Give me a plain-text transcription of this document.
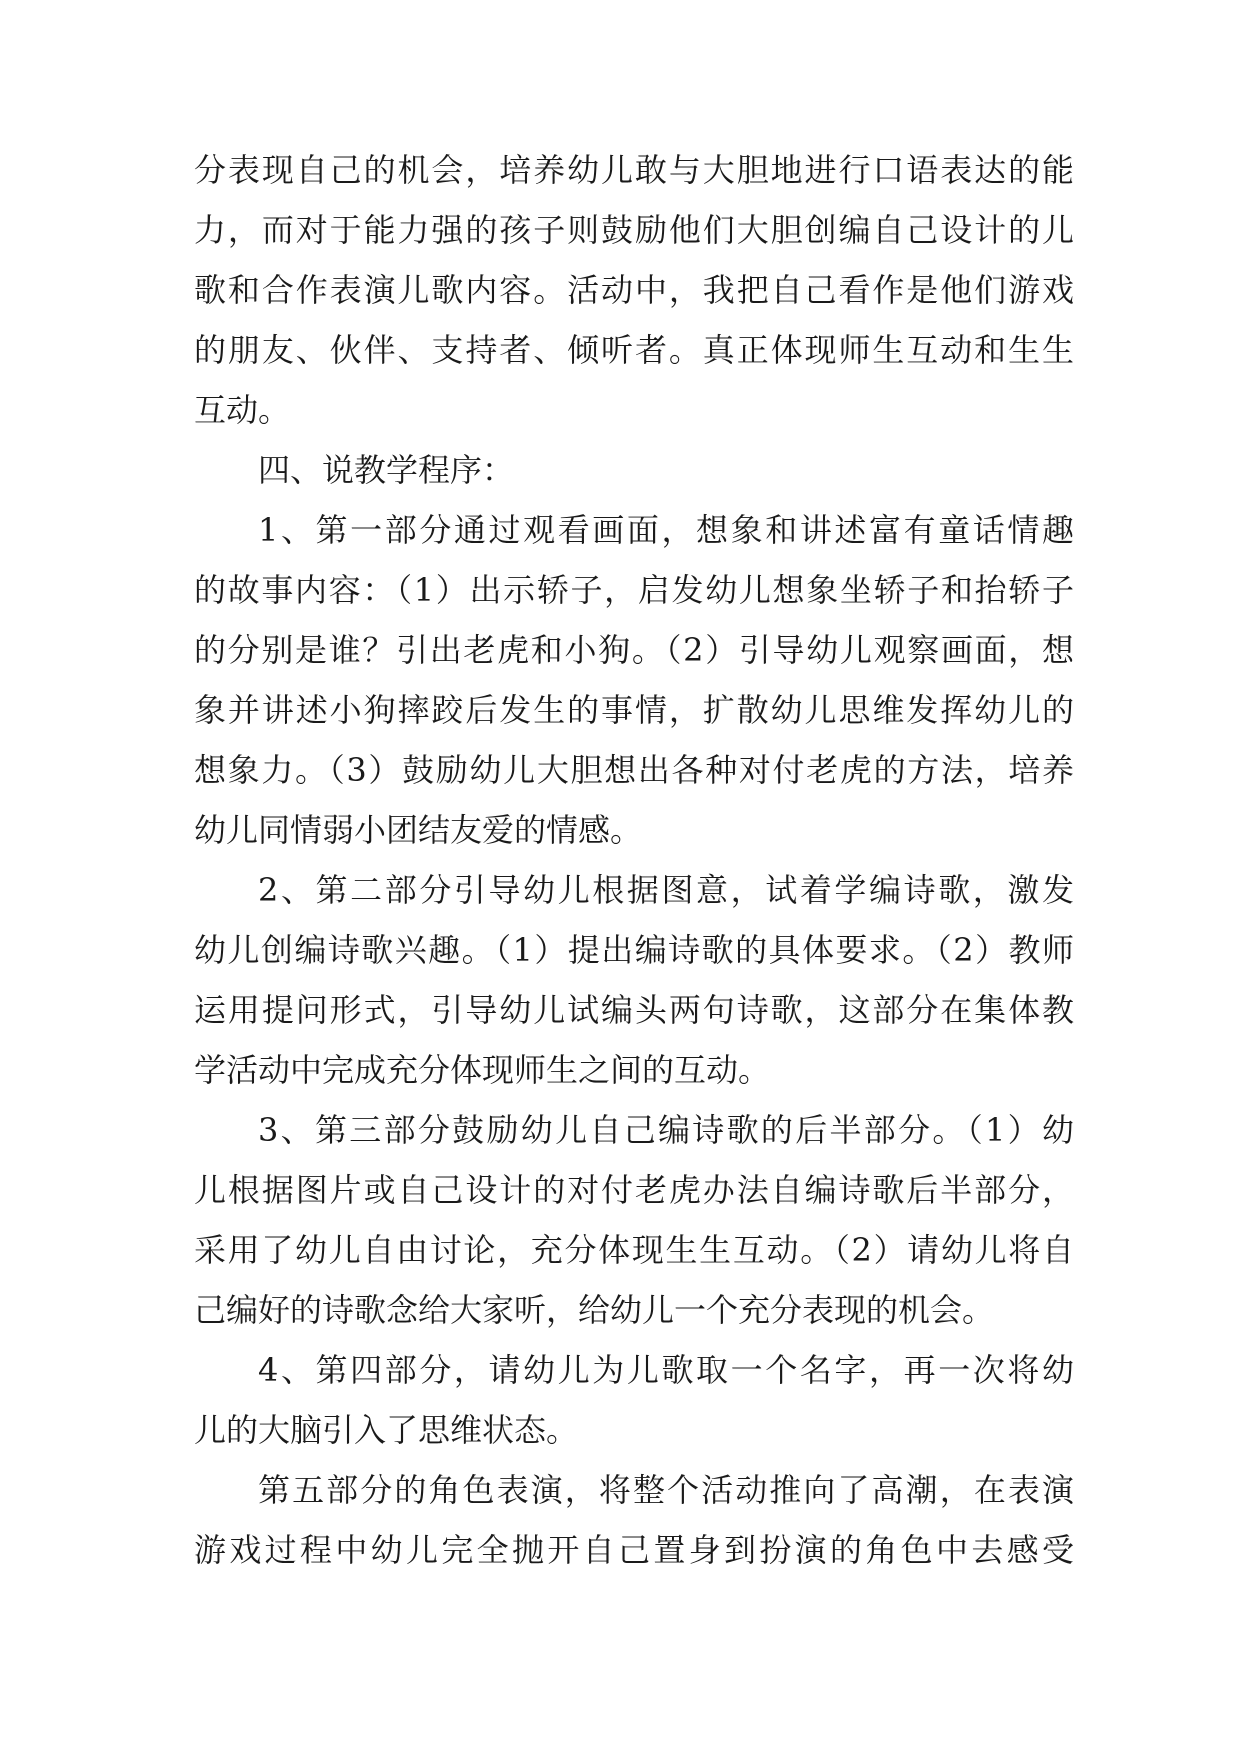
分表现自己的机会，培养幼儿敢与大胆地进行口语表达的能
力，而对于能力强的孩子则鼓励他们大胆创编自己设计的儿
歌和合作表演儿歌内容。活动中，我把自己看作是他们游戏
的朋友、伙伴、支持者、倾听者。真正体现师生互动和生生
互动。
四、说教学程序：
1、第一部分通过观看画面，想象和讲述富有童话情趣
的故事内容：（1）出示轿子，启发幼儿想象坐轿子和抬轿子
的分别是谁？引出老虎和小狗。（2）引导幼儿观察画面，想
象并讲述小狗摔跤后发生的事情，扩散幼儿思维发挥幼儿的
想象力。（3）鼓励幼儿大胆想出各种对付老虎的方法，培养
幼儿同情弱小团结友爱的情感。
2、第二部分引导幼儿根据图意，试着学编诗歌，激发
幼儿创编诗歌兴趣。（1）提出编诗歌的具体要求。（2）教师
运用提问形式，引导幼儿试编头两句诗歌，这部分在集体教
学活动中完成充分体现师生之间的互动。
3、第三部分鼓励幼儿自己编诗歌的后半部分。（1）幼
儿根据图片或自己设计的对付老虎办法自编诗歌后半部分，
采用了幼儿自由讨论，充分体现生生互动。（2）请幼儿将自
己编好的诗歌念给大家听，给幼儿一个充分表现的机会。
4、第四部分，请幼儿为儿歌取一个名字，再一次将幼
儿的大脑引入了思维状态。
第五部分的角色表演，将整个活动推向了高潮，在表演
游戏过程中幼儿完全抛开自己置身到扮演的角色中去感受
